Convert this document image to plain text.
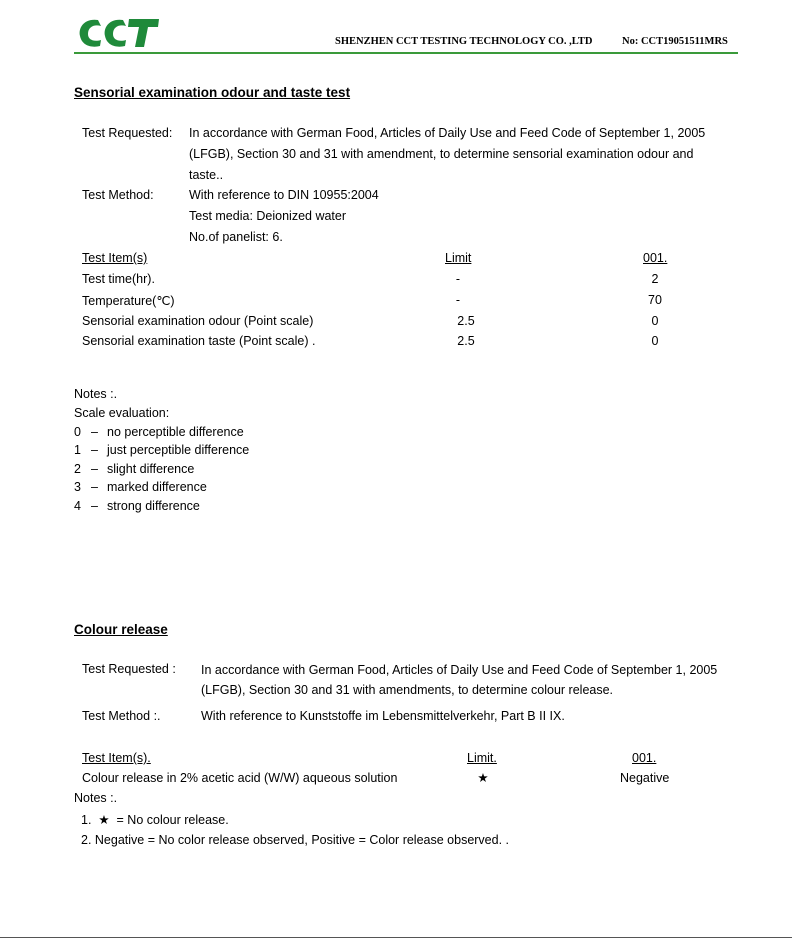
SHENZHEN CCT TESTING TECHNOLOGY CO. ,LTD	No: CCT19051511MRS
Sensorial examination odour and taste test
Test Requested: In accordance with German Food, Articles of Daily Use and Feed Code of September 1, 2005
(LFGB), Section 30 and 31 with amendment, to determine sensorial examination odour and
taste..
Test Method:	With reference to DIN 10955:2004
Test media: Deionized water
No.of panelist: 6.
Test Item(s)	Limit	001.
Test time(hr).	-	2
Temperature(℃)	-	70
Sensorial examination odour (Point scale)	2.5	0
Sensorial examination taste (Point scale) .	2.5	0
Notes :.
Scale evaluation:
0 – no perceptible difference
1 – just perceptible difference
2 – slight difference
3 – marked difference
4 – strong difference
Colour release
Test Requested : In accordance with German Food, Articles of Daily Use and Feed Code of September 1, 2005
(LFGB), Section 30 and 31 with amendments, to determine colour release.
Test Method :.	With reference to Kunststoffe im Lebensmittelverkehr, Part B II IX.
Test Item(s).	Limit.	001.
Colour release in 2% acetic acid (W/W) aqueous solution	★	Negative
Notes :.
1.  ★  = No colour release.
2. Negative = No color release observed, Positive = Color release observed. .
